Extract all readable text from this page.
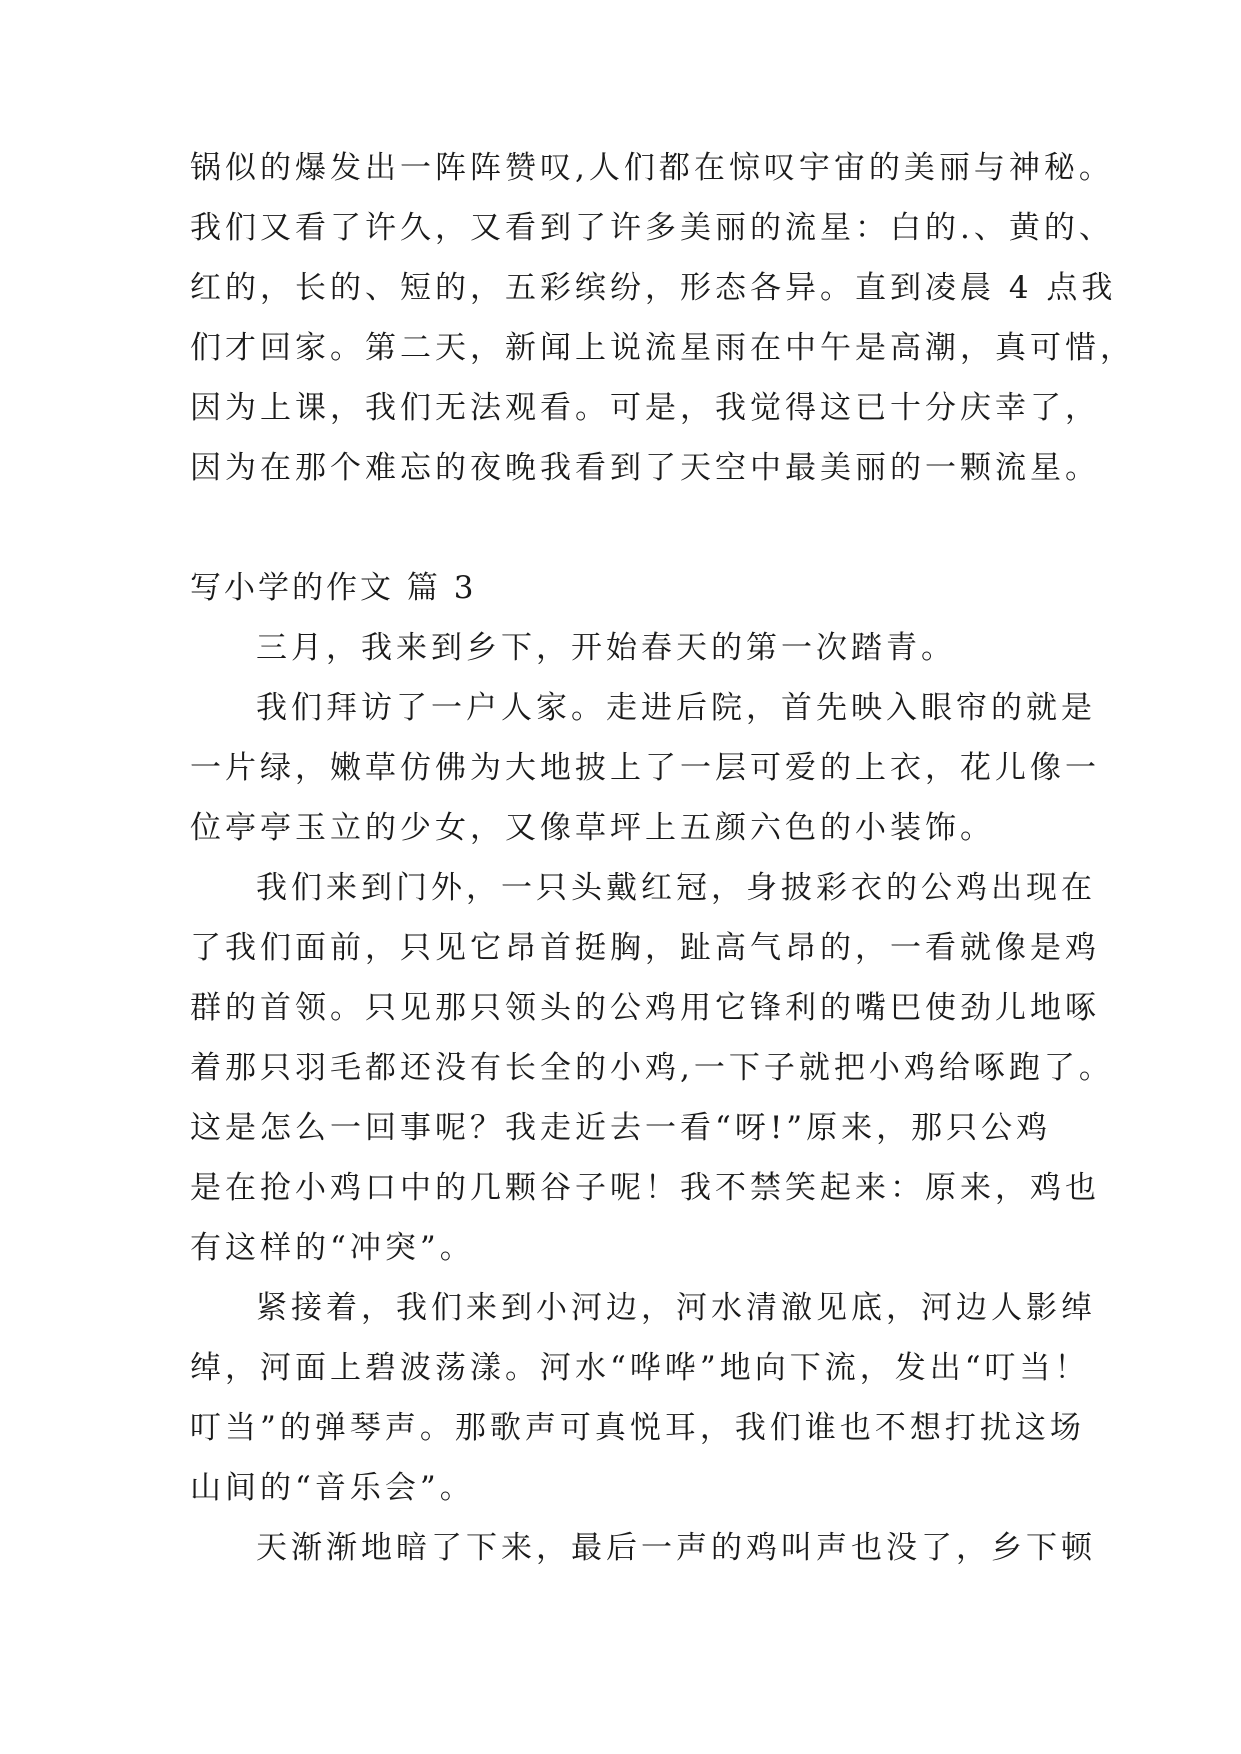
锅似的爆发出一阵阵赞叹,人们都在惊叹宇宙的美丽与神秘。

我们又看了许久，又看到了许多美丽的流星：白的.、黄的、

红的，长的、短的，五彩缤纷，形态各异。直到凌晨 4 点我

们才回家。第二天，新闻上说流星雨在中午是高潮，真可惜，

因为上课，我们无法观看。可是，我觉得这已十分庆幸了，

因为在那个难忘的夜晚我看到了天空中最美丽的一颗流星。

写小学的作文 篇 3

三月，我来到乡下，开始春天的第一次踏青。

我们拜访了一户人家。走进后院，首先映入眼帘的就是

一片绿，嫩草仿佛为大地披上了一层可爱的上衣，花儿像一

位亭亭玉立的少女，又像草坪上五颜六色的小装饰。

我们来到门外，一只头戴红冠，身披彩衣的公鸡出现在

了我们面前，只见它昂首挺胸，趾高气昂的，一看就像是鸡

群的首领。只见那只领头的公鸡用它锋利的嘴巴使劲儿地啄

着那只羽毛都还没有长全的小鸡,一下子就把小鸡给啄跑了。

这是怎么一回事呢？我走近去一看“呀!”原来，那只公鸡

是在抢小鸡口中的几颗谷子呢！我不禁笑起来：原来，鸡也

有这样的“冲突”。

紧接着，我们来到小河边，河水清澈见底，河边人影绰

绰，河面上碧波荡漾。河水“哗哗”地向下流，发出“叮当！

叮当”的弹琴声。那歌声可真悦耳，我们谁也不想打扰这场

山间的“音乐会”。

天渐渐地暗了下来，最后一声的鸡叫声也没了，乡下顿
